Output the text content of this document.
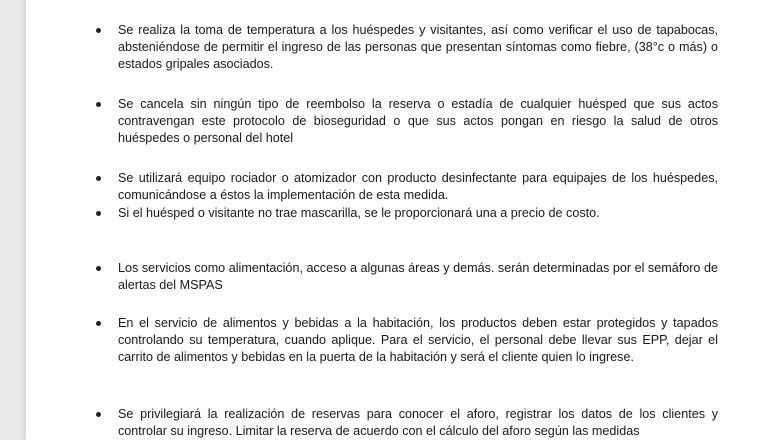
Se realiza la toma de temperatura a los huéspedes y visitantes, así como verificar el uso de tapabocas, absteniéndose de permitir el ingreso de las personas que presentan síntomas como fiebre, (38°c o más) o estados gripales asociados.
Se cancela sin ningún tipo de reembolso la reserva o estadía de cualquier huésped que sus actos contravengan este protocolo de bioseguridad o que sus actos pongan en riesgo la salud de otros huéspedes o personal del hotel
Se utilizará equipo rociador o atomizador con producto desinfectante para equipajes de los huéspedes, comunicándose a éstos la implementación de esta medida.
Si el huésped o visitante no trae mascarilla, se le proporcionará una a precio de costo.
Los servicios como alimentación, acceso a algunas áreas y demás. serán determinadas por el semáforo de alertas del MSPAS
En el servicio de alimentos y bebidas a la habitación, los productos deben estar protegidos y tapados controlando su temperatura, cuando aplique. Para el servicio, el personal debe llevar sus EPP, dejar el carrito de alimentos y bebidas en la puerta de la habitación y será el cliente quien lo ingrese.
Se privilegiará la realización de reservas para conocer el aforo, registrar los datos de los clientes y controlar su ingreso. Limitar la reserva de acuerdo con el cálculo del aforo según las medidas
